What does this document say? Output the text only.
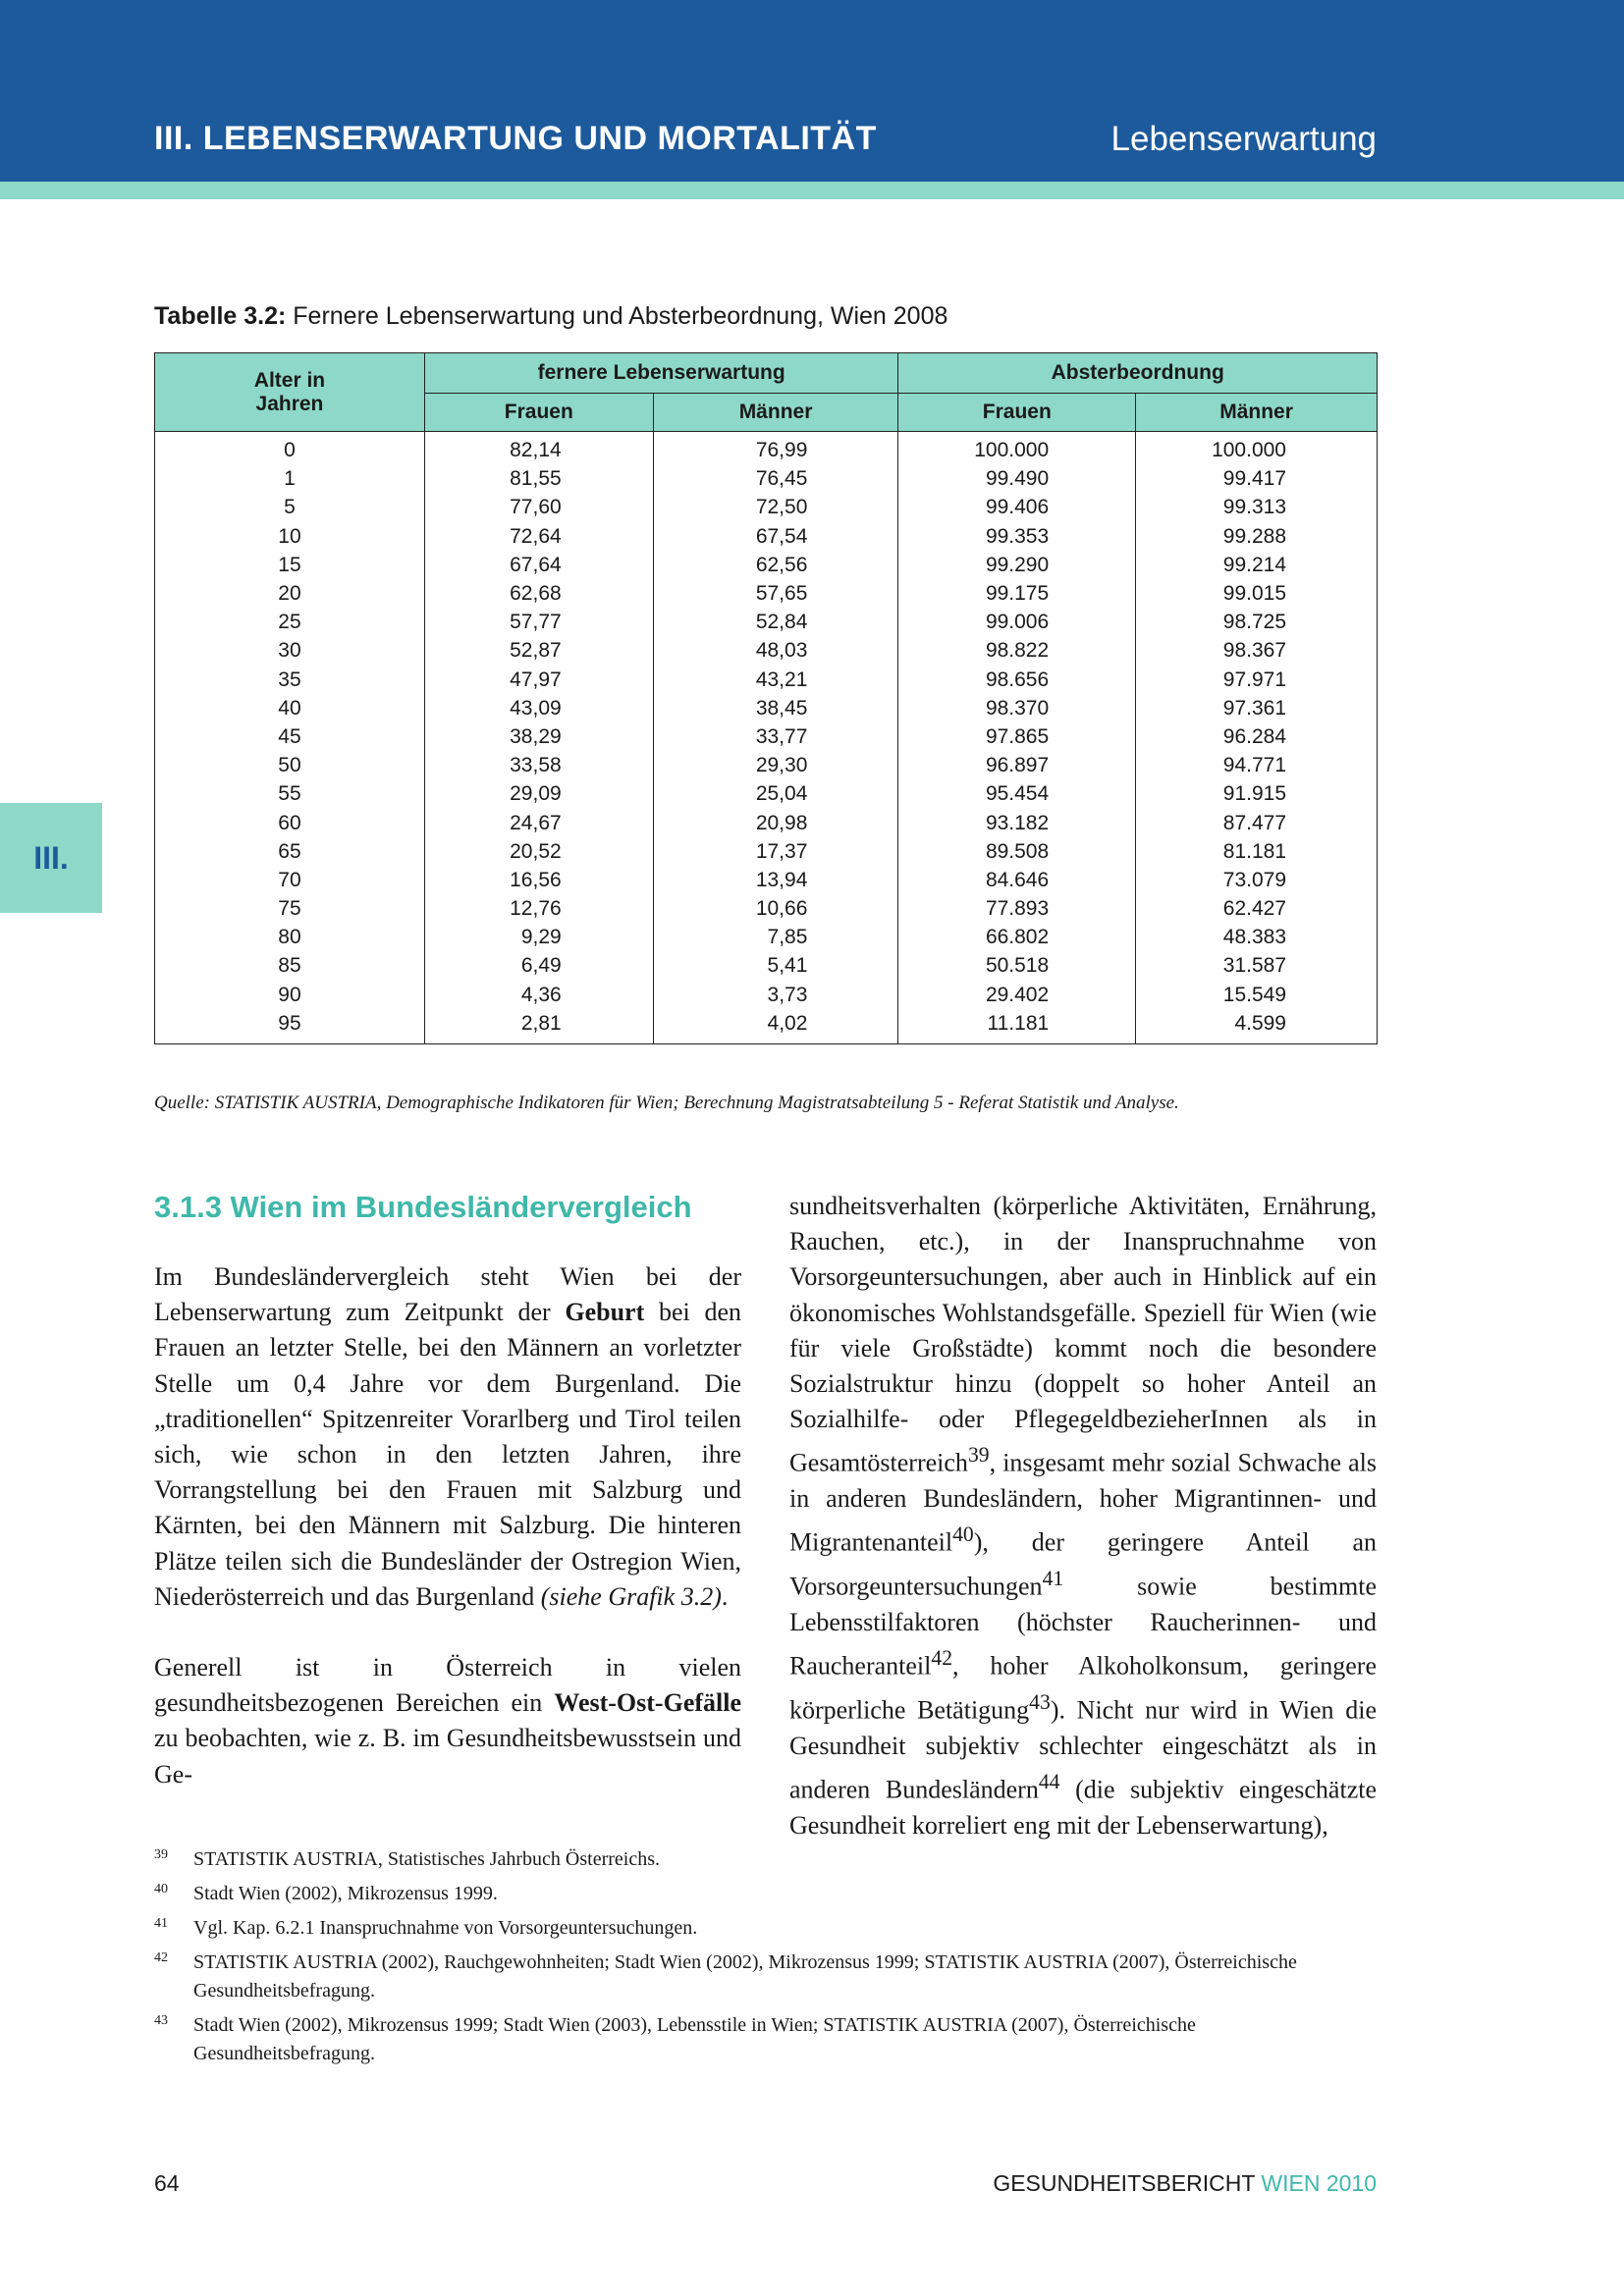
III. LEBENSERWARTUNG UND MORTALITÄT	Lebenserwartung
III.
Tabelle 3.2: Fernere Lebenserwartung und Absterbeordnung, Wien 2008
Alter in Jahren	fernere Lebenserwartung		Absterbeordnung	
	Frauen	Männer	Frauen	Männer
0	82,14	76,99	100.000	100.000
1	81,55	76,45	99.490	99.417
5	77,60	72,50	99.406	99.313
10	72,64	67,54	99.353	99.288
15	67,64	62,56	99.290	99.214
20	62,68	57,65	99.175	99.015
25	57,77	52,84	99.006	98.725
30	52,87	48,03	98.822	98.367
35	47,97	43,21	98.656	97.971
40	43,09	38,45	98.370	97.361
45	38,29	33,77	97.865	96.284
50	33,58	29,30	96.897	94.771
55	29,09	25,04	95.454	91.915
60	24,67	20,98	93.182	87.477
65	20,52	17,37	89.508	81.181
70	16,56	13,94	84.646	73.079
75	12,76	10,66	77.893	62.427
80	9,29	7,85	66.802	48.383
85	6,49	5,41	50.518	31.587
90	4,36	3,73	29.402	15.549
95	2,81	4,02	11.181	4.599
Quelle: STATISTIK AUSTRIA, Demographische Indikatoren für Wien; Berechnung Magistratsabteilung 5 - Referat Statistik und Analyse.
3.1.3 Wien im Bundesländervergleich

Im Bundesländervergleich steht Wien bei der Lebenserwartung zum Zeitpunkt der Geburt bei den Frauen an letzter Stelle, bei den Männern an vorletzter Stelle um 0,4 Jahre vor dem Burgenland. Die „traditionellen“ Spitzenreiter Vorarlberg und Tirol teilen sich, wie schon in den letzten Jahren, ihre Vorrangstellung bei den Frauen mit Salzburg und Kärnten, bei den Männern mit Salzburg. Die hinteren Plätze teilen sich die Bundesländer der Ostregion Wien, Niederösterreich und das Burgenland (siehe Grafik 3.2).

Generell ist in Österreich in vielen gesundheitsbezogenen Bereichen ein West-Ost-Gefälle zu beobachten, wie z. B. im Gesundheitsbewusstsein und Ge-

sundheitsverhalten (körperliche Aktivitäten, Ernährung, Rauchen, etc.), in der Inanspruchnahme von Vorsorgeuntersuchungen, aber auch in Hinblick auf ein ökonomisches Wohlstandsgefälle. Speziell für Wien (wie für viele Großstädte) kommt noch die besondere Sozialstruktur hinzu (doppelt so hoher Anteil an Sozialhilfe- oder PflegegeldbezieherInnen als in Gesamtösterreich$^{39}$, insgesamt mehr sozial Schwache als in anderen Bundesländern, hoher Migrantinnen- und Migrantenanteil$^{40}$), der geringere Anteil an Vorsorgeuntersuchungen$^{41}$ sowie bestimmte Lebensstilfaktoren (höchster Raucherinnen- und Raucheranteil$^{42}$, hoher Alkoholkonsum, geringere körperliche Betätigung$^{43}$). Nicht nur wird in Wien die Gesundheit subjektiv schlechter eingeschätzt als in anderen Bundesländern$^{44}$ (die subjektiv eingeschätzte Gesundheit korreliert eng mit der Lebenserwartung),

39 STATISTIK AUSTRIA, Statistisches Jahrbuch Österreichs.
40 Stadt Wien (2002), Mikrozensus 1999.
41 Vgl. Kap. 6.2.1 Inanspruchnahme von Vorsorgeuntersuchungen.
42 STATISTIK AUSTRIA (2002), Rauchgewohnheiten; Stadt Wien (2002), Mikrozensus 1999; STATISTIK AUSTRIA (2007), Österreichische Gesundheitsbefragung.
43 Stadt Wien (2002), Mikrozensus 1999; Stadt Wien (2003), Lebensstile in Wien; STATISTIK AUSTRIA (2007), Österreichische Gesundheitsbefragung.
64	GESUNDHEITSBERICHT WIEN 2010
